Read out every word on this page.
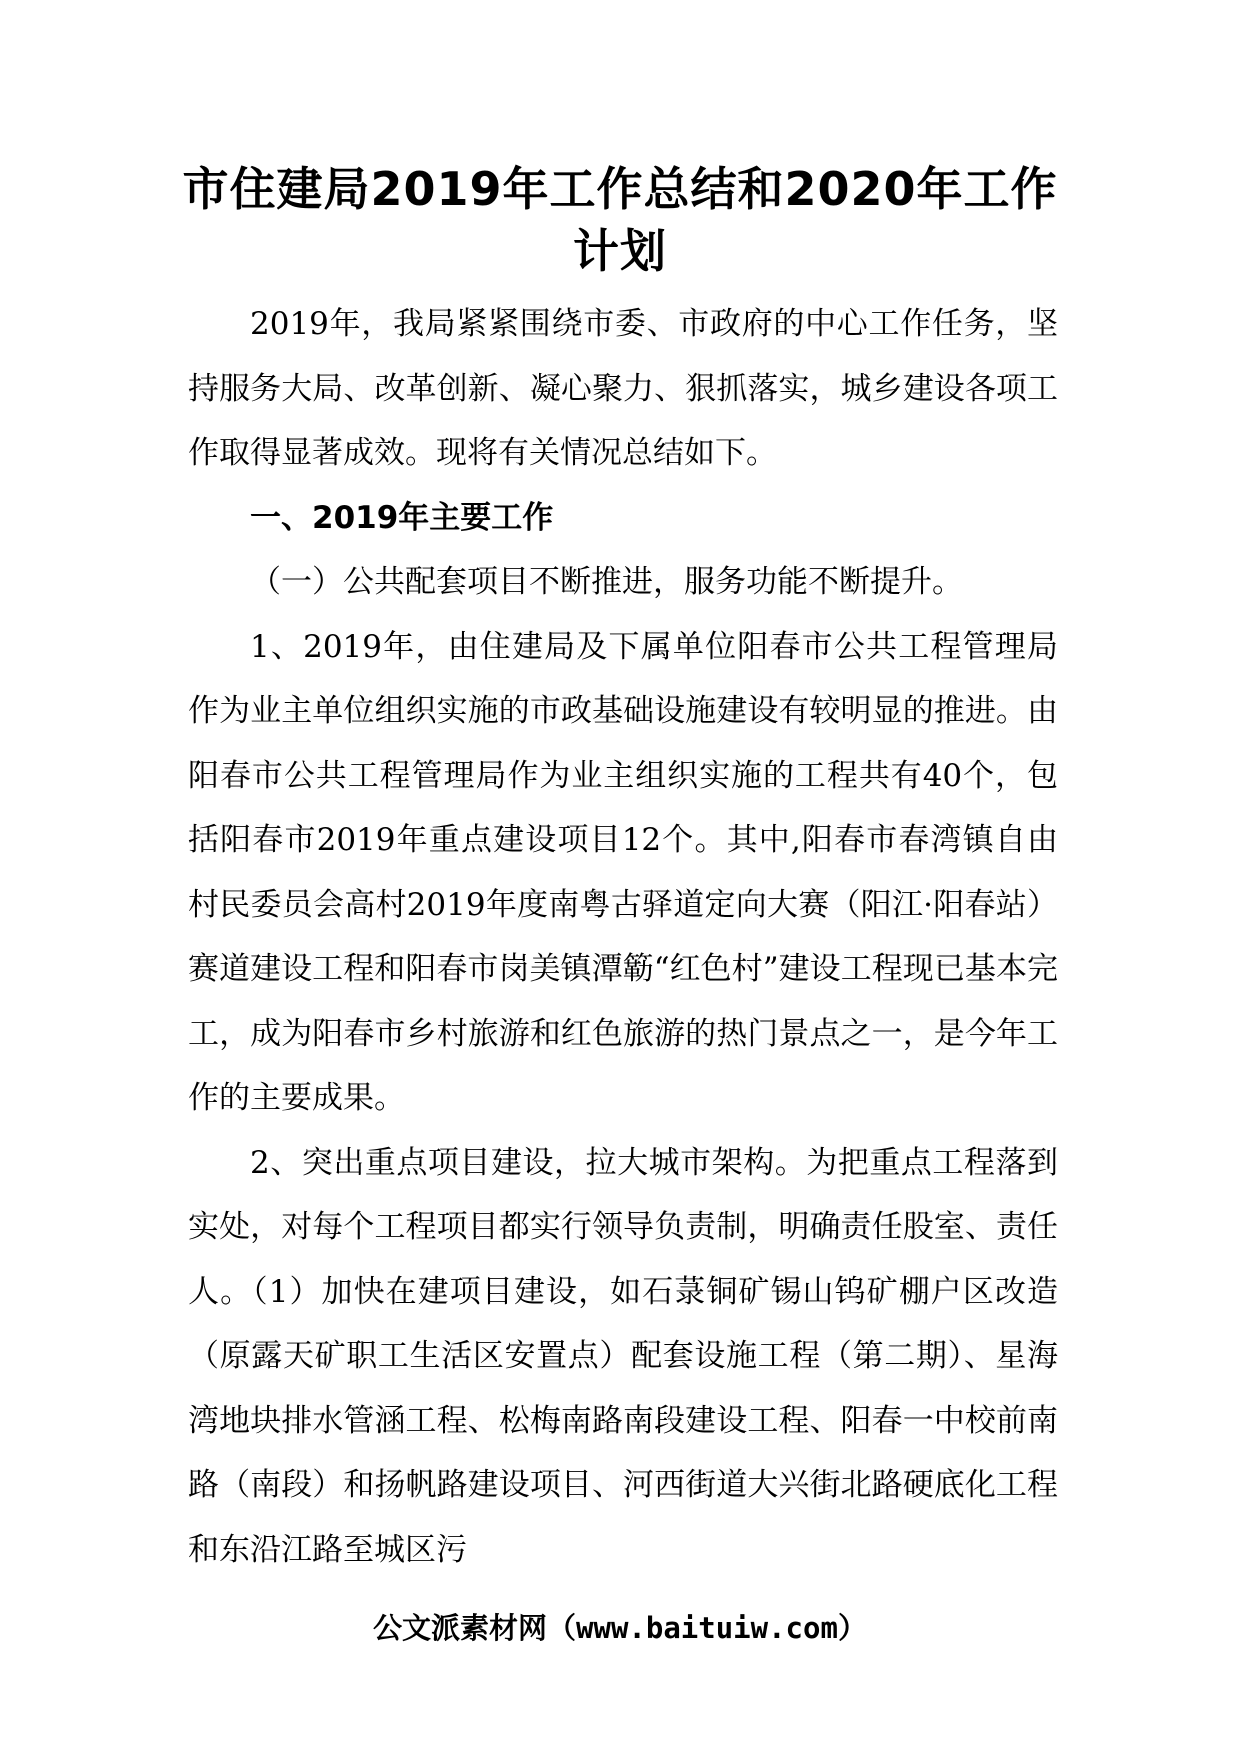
市住建局2019年工作总结和2020年工作计划

2019年，我局紧紧围绕市委、市政府的中心工作任务，坚持服务大局、改革创新、凝心聚力、狠抓落实，城乡建设各项工作取得显著成效。现将有关情况总结如下。

一、2019年主要工作

（一）公共配套项目不断推进，服务功能不断提升。

1、2019年，由住建局及下属单位阳春市公共工程管理局作为业主单位组织实施的市政基础设施建设有较明显的推进。由阳春市公共工程管理局作为业主组织实施的工程共有40个，包括阳春市2019年重点建设项目12个。其中,阳春市春湾镇自由村民委员会高村2019年度南粤古驿道定向大赛（阳江·阳春站）赛道建设工程和阳春市岗美镇潭簕“红色村”建设工程现已基本完工，成为阳春市乡村旅游和红色旅游的热门景点之一，是今年工作的主要成果。

2、突出重点项目建设，拉大城市架构。为把重点工程落到实处，对每个工程项目都实行领导负责制，明确责任股室、责任人。（1）加快在建项目建设，如石菉铜矿锡山钨矿棚户区改造（原露天矿职工生活区安置点）配套设施工程（第二期）、星海湾地块排水管涵工程、松梅南路南段建设工程、阳春一中校前南路（南段）和扬帆路建设项目、河西街道大兴街北路硬底化工程和东沿江路至城区污

公文派素材网（www.baituiw.com）
